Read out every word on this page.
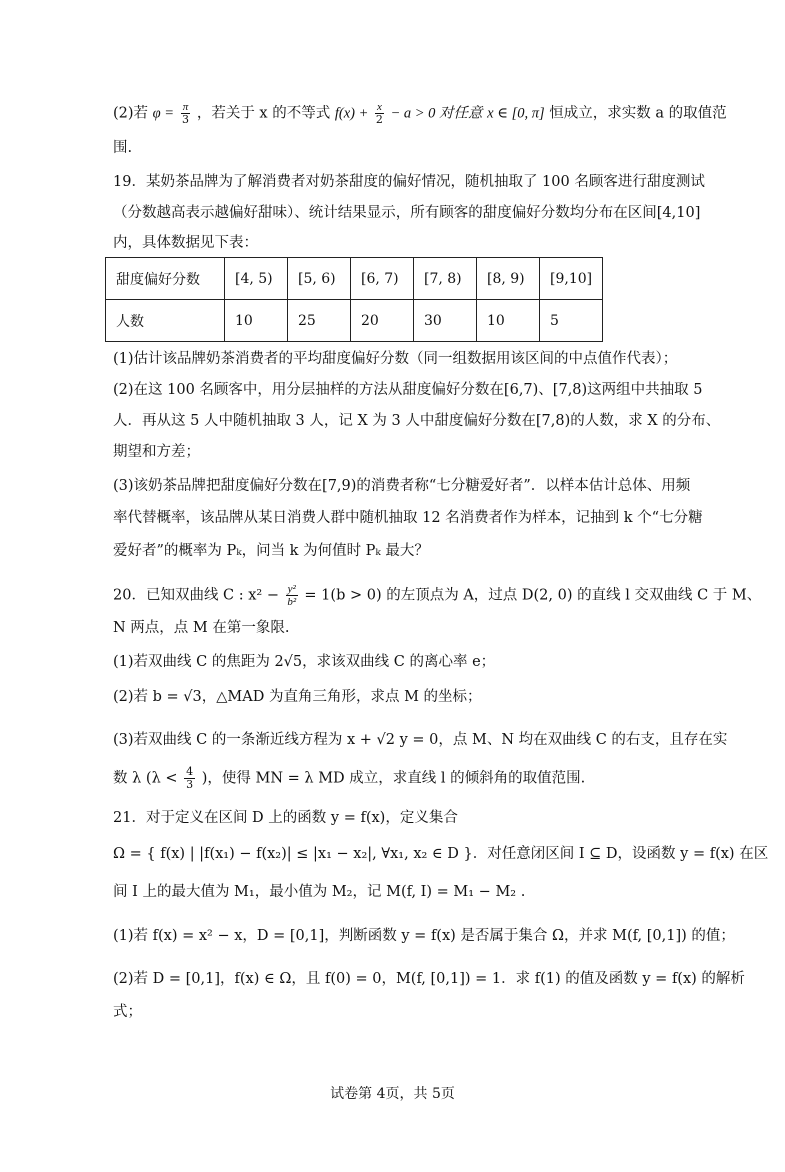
(2)若 $\varphi = \frac{\pi}{3}$ ，若关于 x 的不等式 $f(x) + \frac{x}{2} - a > 0$ 对任意 x ∈ [0, π] 恒成立，求实数 a 的取值范
围.
19．某奶茶品牌为了解消费者对奶茶甜度的偏好情况，随机抽取了 100 名顾客进行甜度测试
（分数越高表示越偏好甜味）、统计结果显示，所有顾客的甜度偏好分数均分布在区间[4,10]
内，具体数据见下表：
甜度偏好分数	[4, 5)	[5, 6)	[6, 7)	[7, 8)	[8, 9)	[9,10]
人数	10	25	20	30	10	5
(1)估计该品牌奶茶消费者的平均甜度偏好分数（同一组数据用该区间的中点值作代表）；
(2)在这 100 名顾客中，用分层抽样的方法从甜度偏好分数在[6,7)、[7,8)这两组中共抽取 5
人．再从这 5 人中随机抽取 3 人，记 X 为 3 人中甜度偏好分数在[7,8)的人数，求 X 的分布、
期望和方差；
(3)该奶茶品牌把甜度偏好分数在[7,9)的消费者称“七分糖爱好者”．以样本估计总体、用频
率代替概率，该品牌从某日消费人群中随机抽取 12 名消费者作为样本，记抽到 k 个“七分糖
爱好者”的概率为 Pₖ，问当 k 为何值时 Pₖ 最大？
20．已知双曲线 C : $x^2 - \frac{\text{y²}}{\text{b²}} = 1(b > 0)$ 的左顶点为 A，过点 D(2, 0) 的直线 l 交双曲线 C 于 M、
N 两点，点 M 在第一象限.
(1)若双曲线 C 的焦距为 2√5，求该双曲线 C 的离心率 e；
(2)若 b = √3，△MAD 为直角三角形，求点 M 的坐标；
(3)若双曲线 C 的一条渐近线方程为 x + √2 y = 0，点 M、N 均在双曲线 C 的右支，且存在实
数 λ ($\lambda < \frac{4}{3}$ )，使得 MN = λ MD 成立，求直线 l 的倾斜角的取值范围.
21．对于定义在区间 D 上的函数 y = f(x)，定义集合
Ω = { f(x) | |f(x₁) − f(x₂)| ≤ |x₁ − x₂|, ∀x₁, x₂ ∈ D }．对任意闭区间 I ⊆ D，设函数 y = f(x) 在区
间 I 上的最大值为 M₁，最小值为 M₂，记 M(f, I) = M₁ − M₂ .
(1)若 f(x) = x² − x，D = [0,1]，判断函数 y = f(x) 是否属于集合 Ω，并求 M(f, [0,1]) 的值；
(2)若 D = [0,1]，f(x) ∈ Ω，且 f(0) = 0，M(f, [0,1]) = 1．求 f(1) 的值及函数 y = f(x) 的解析
式；
试卷第 4页，共 5页
